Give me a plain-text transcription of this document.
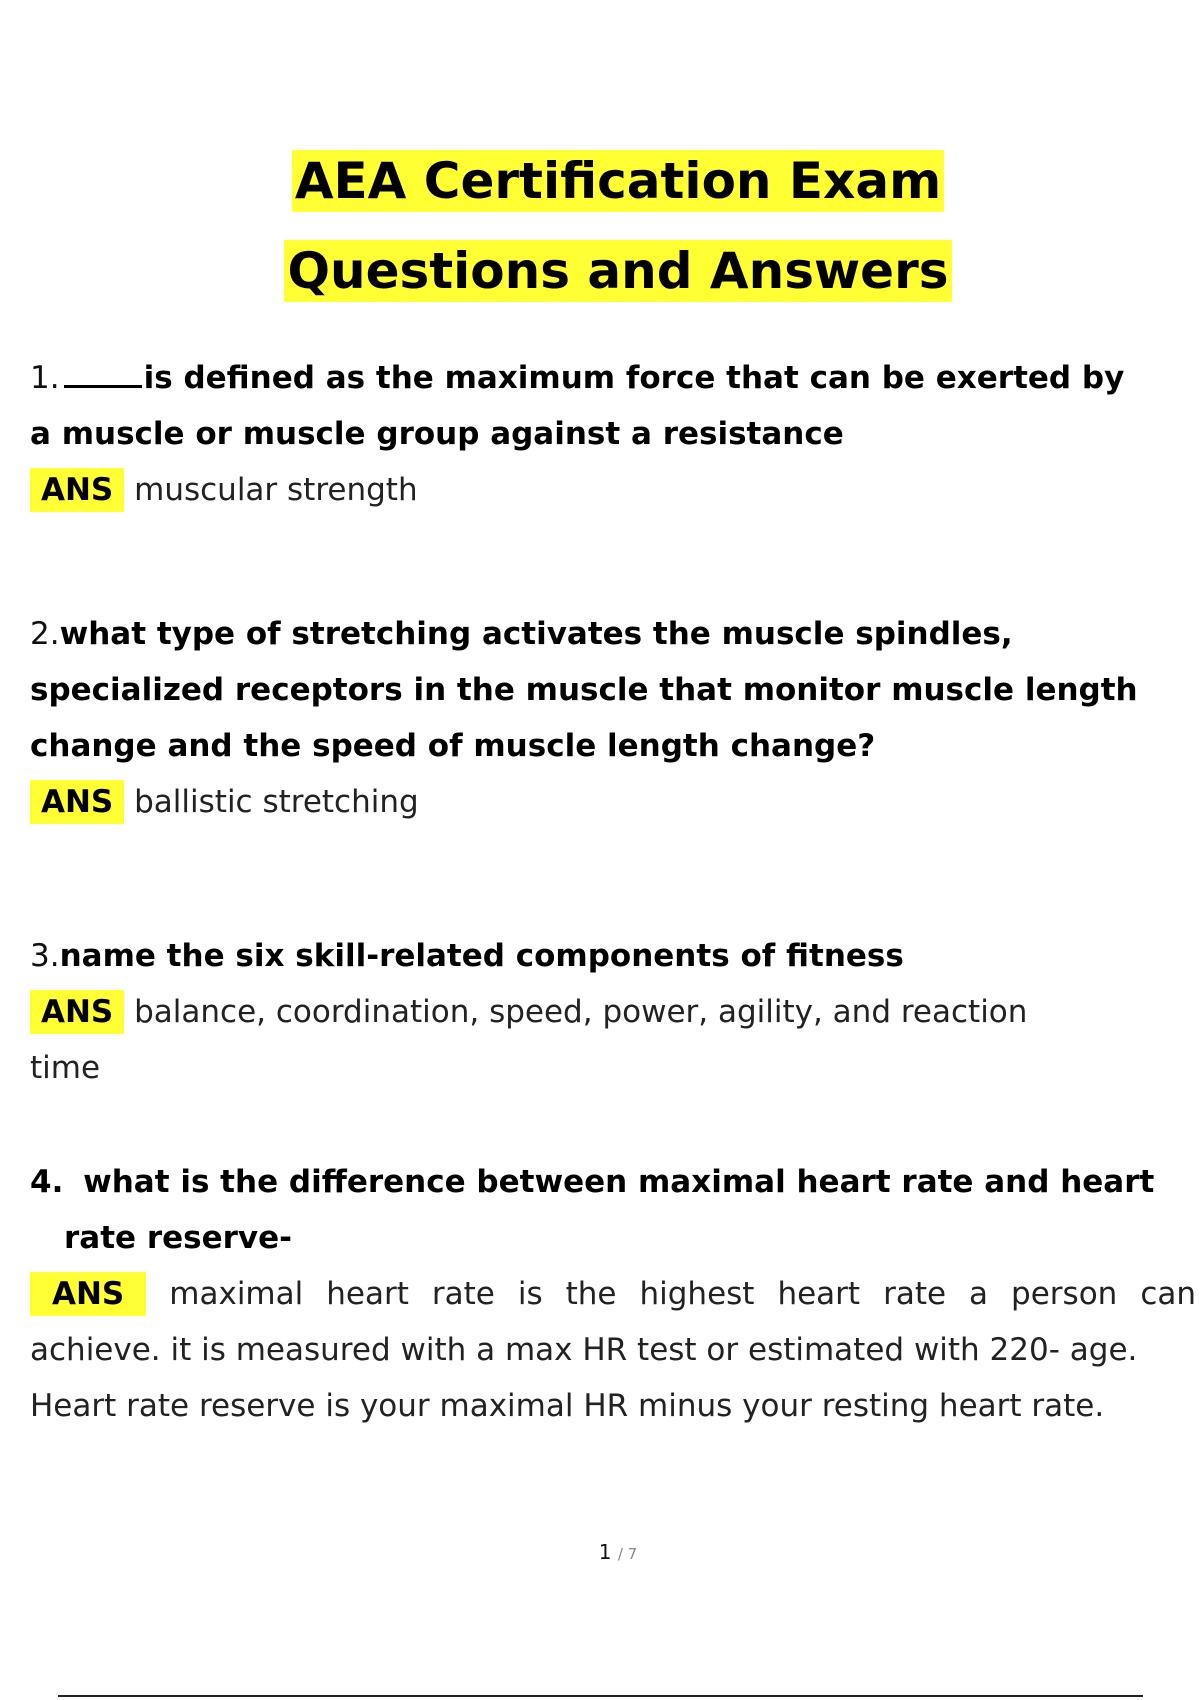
AEA Certification Exam
Questions and Answers
1.	is defined as the maximum force that can be exerted by
a muscle or muscle group against a resistance
ANS muscular strength
2.what type of stretching activates the muscle spindles,
specialized receptors in the muscle that monitor muscle length
change and the speed of muscle length change?
ANS ballistic stretching
3.name the six skill-related components of fitness
ANS balance, coordination, speed, power, agility, and reaction
time
4. what is the difference between maximal heart rate and heart
rate reserve-
ANS maximal heart rate is the highest heart rate a person can
achieve. it is measured with a max HR test or estimated with 220- age.
Heart rate reserve is your maximal HR minus your resting heart rate.
1 / 7
